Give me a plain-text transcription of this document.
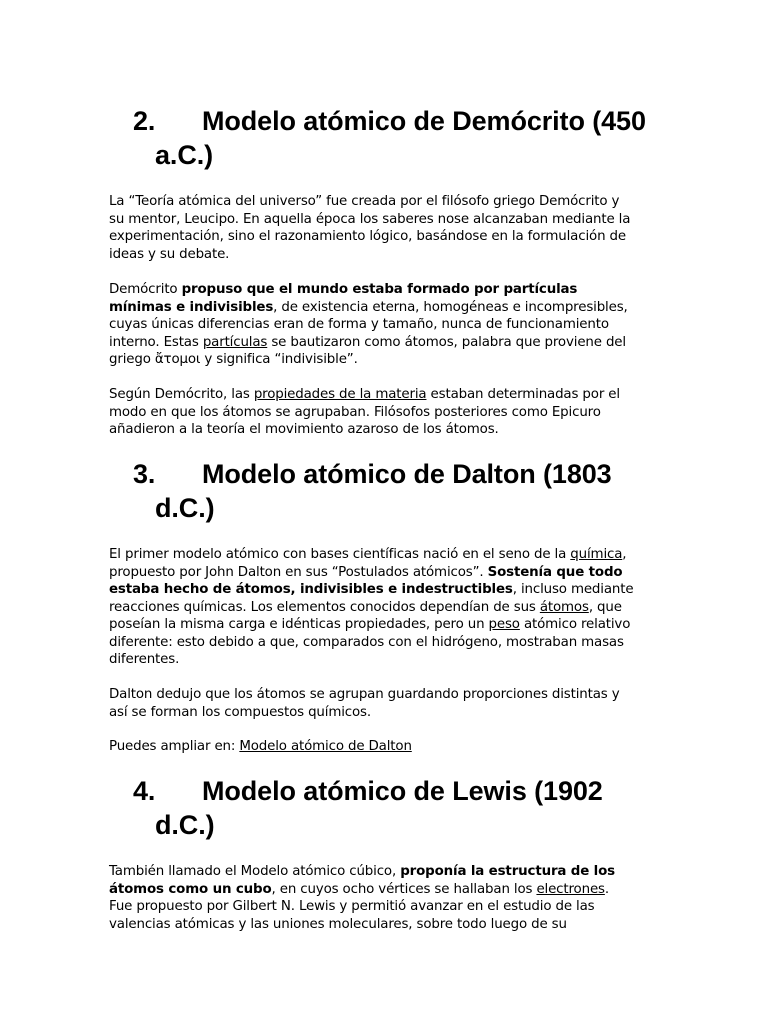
2. Modelo atómico de Demócrito (450
a.C.)

La “Teoría atómica del universo” fue creada por el filósofo griego Demócrito y
su mentor, Leucipo. En aquella época los saberes nose alcanzaban mediante la
experimentación, sino el razonamiento lógico, basándose en la formulación de
ideas y su debate.

Demócrito propuso que el mundo estaba formado por partículas
mínimas e indivisibles, de existencia eterna, homogéneas e incompresibles,
cuyas únicas diferencias eran de forma y tamaño, nunca de funcionamiento
interno. Estas partículas se bautizaron como átomos, palabra que proviene del
griego ἄτομοι y significa “indivisible”.

Según Demócrito, las propiedades de la materia estaban determinadas por el
modo en que los átomos se agrupaban. Filósofos posteriores como Epicuro
añadieron a la teoría el movimiento azaroso de los átomos.

3. Modelo atómico de Dalton (1803
d.C.)

El primer modelo atómico con bases científicas nació en el seno de la química,
propuesto por John Dalton en sus “Postulados atómicos”. Sostenía que todo
estaba hecho de átomos, indivisibles e indestructibles, incluso mediante
reacciones químicas. Los elementos conocidos dependían de sus átomos, que
poseían la misma carga e idénticas propiedades, pero un peso atómico relativo
diferente: esto debido a que, comparados con el hidrógeno, mostraban masas
diferentes.

Dalton dedujo que los átomos se agrupan guardando proporciones distintas y
así se forman los compuestos químicos.

Puedes ampliar en: Modelo atómico de Dalton

4. Modelo atómico de Lewis (1902
d.C.)

También llamado el Modelo atómico cúbico, proponía la estructura de los
átomos como un cubo, en cuyos ocho vértices se hallaban los electrones.
Fue propuesto por Gilbert N. Lewis y permitió avanzar en el estudio de las
valencias atómicas y las uniones moleculares, sobre todo luego de su
